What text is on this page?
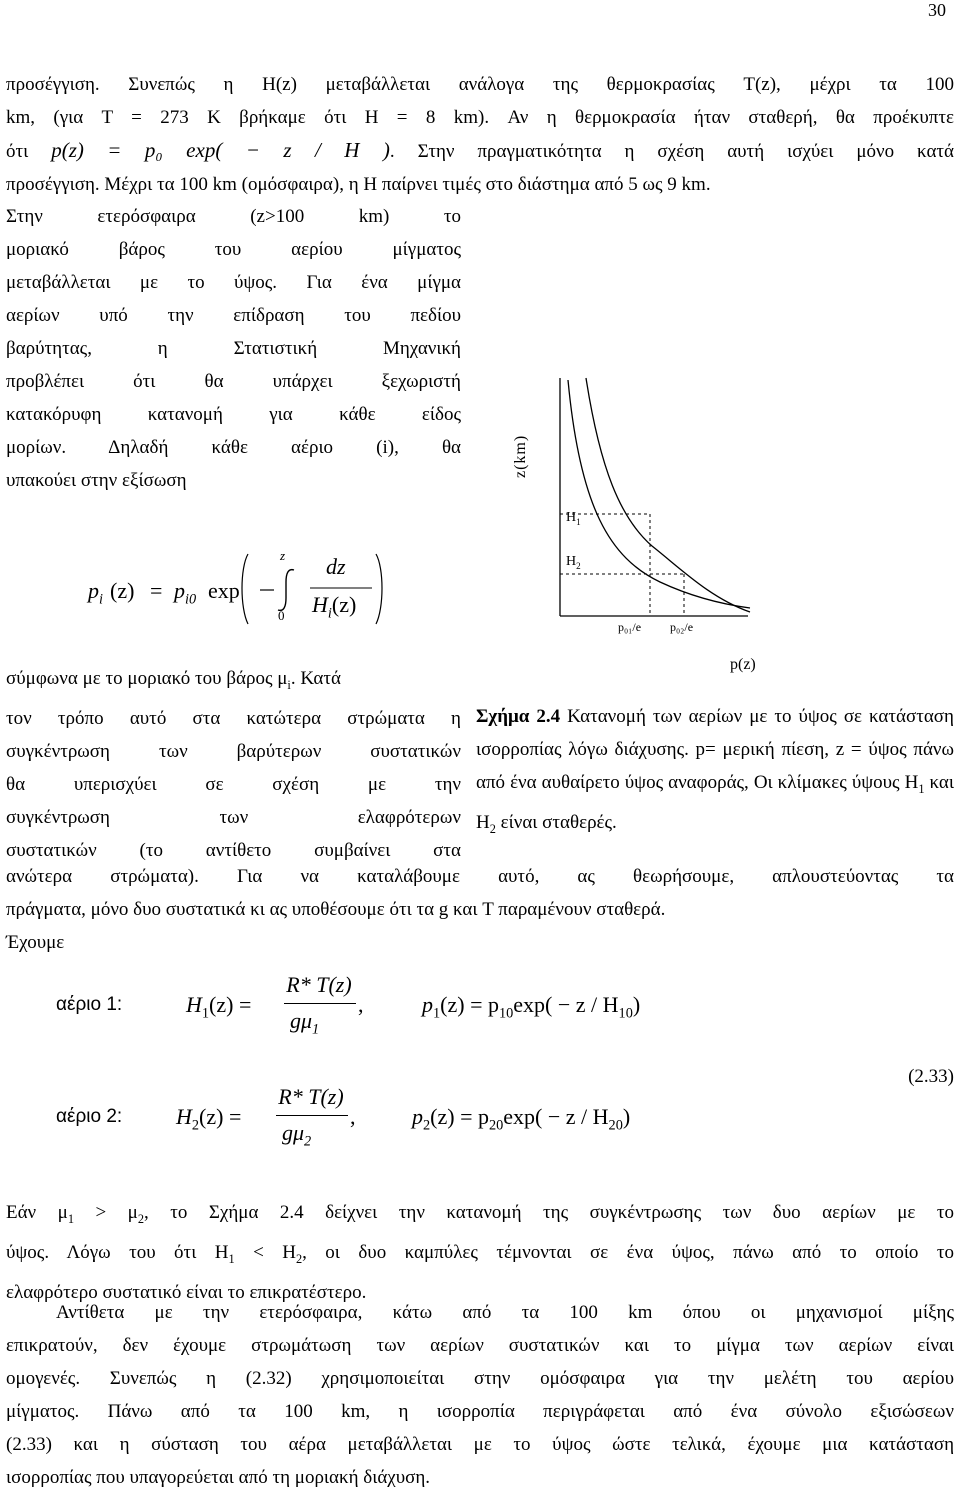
30
προσέγγιση. Συνεπώς η H(z) μεταβάλλεται ανάλογα της θερμοκρασίας T(z), μέχρι τα 100
km, (για T = 273 K βρήκαμε ότι H = 8 km). Αν η θερμοκρασία ήταν σταθερή, θα προέκυπτε
ότι p(z) = p₀ exp( − z / H ). Στην πραγματικότητα η σχέση αυτή ισχύει μόνο κατά
προσέγγιση. Μέχρι τα 100 km (ομόσφαιρα), η H παίρνει τιμές στο διάστημα από 5 ως 9 km.
Στην ετερόσφαιρα (z>100 km) το
μοριακό βάρος του αερίου μίγματος
μεταβάλλεται με το ύψος. Για ένα μίγμα
αερίων υπό την επίδραση του πεδίου
βαρύτητας, η Στατιστική Μηχανική
προβλέπει ότι θα υπάρχει ξεχωριστή
κατακόρυφη κατανομή για κάθε είδος
μορίων. Δηλαδή κάθε αέριο (i), θα
υπακούει στην εξίσωση
$p_i$ $(z) = p_{i0}$ exp
z
0
dz
$H_i(z)$
σύμφωνα με το μοριακό του βάρος $\mu_i$. Κατά
τον τρόπο αυτό στα κατώτερα στρώματα η
συγκέντρωση των βαρύτερων συστατικών
θα υπερισχύει σε σχέση με την
συγκέντρωση των ελαφρότερων
συστατικών (το αντίθετο συμβαίνει στα
ανώτερα στρώματα). Για να καταλάβουμε αυτό, ας θεωρήσουμε, απλουστεύοντας τα
πράγματα, μόνο δυο συστατικά κι ας υποθέσουμε ότι τα g και T παραμένουν σταθερά.
Έχουμε
z(km)
$H_1$
$H_2$
p₀₁/e p₀₂/e
p(z)
Σχήμα 2.4 Κατανομή των αερίων με το ύψος σε κατάσταση ισορροπίας λόγω διάχυσης. p= μερική πίεση, z = ύψος πάνω από ένα αυθαίρετο ύψος αναφοράς, Οι κλίμακες ύψους $H_1$ και $H_2$ είναι σταθερές.
αέριο 1:	$H_1(z)$ =
R* T(z)
$g\mu_1$
,	$p_1(z) = p_{10}\exp( - z / H_{10})$
αέριο 2: $H_2(z)$ =
R* T(z)
$g\mu_2$
,	$p_2(z) = p_{20}\exp( - z / H_{20})$
(2.33)
Εάν $\mu_1 > \mu_2$, το Σχήμα 2.4 δείχνει την κατανομή της συγκέντρωσης των δυο αερίων με το
ύψος. Λόγω του ότι $H_1 < H_2$, οι δυο καμπύλες τέμνονται σε ένα ύψος, πάνω από το οποίο το
ελαφρότερο συστατικό είναι το επικρατέστερο.
Αντίθετα με την ετερόσφαιρα, κάτω από τα 100 km όπου οι μηχανισμοί μίξης
επικρατούν, δεν έχουμε στρωμάτωση των αερίων συστατικών και το μίγμα των αερίων είναι
ομογενές. Συνεπώς η (2.32) χρησιμοποιείται στην ομόσφαιρα για την μελέτη του αερίου
μίγματος. Πάνω από τα 100 km, η ισορροπία περιγράφεται από ένα σύνολο εξισώσεων
(2.33) και η σύσταση του αέρα μεταβάλλεται με το ύψος ώστε τελικά, έχουμε μια κατάσταση
ισορροπίας που υπαγορεύεται από τη μοριακή διάχυση.
